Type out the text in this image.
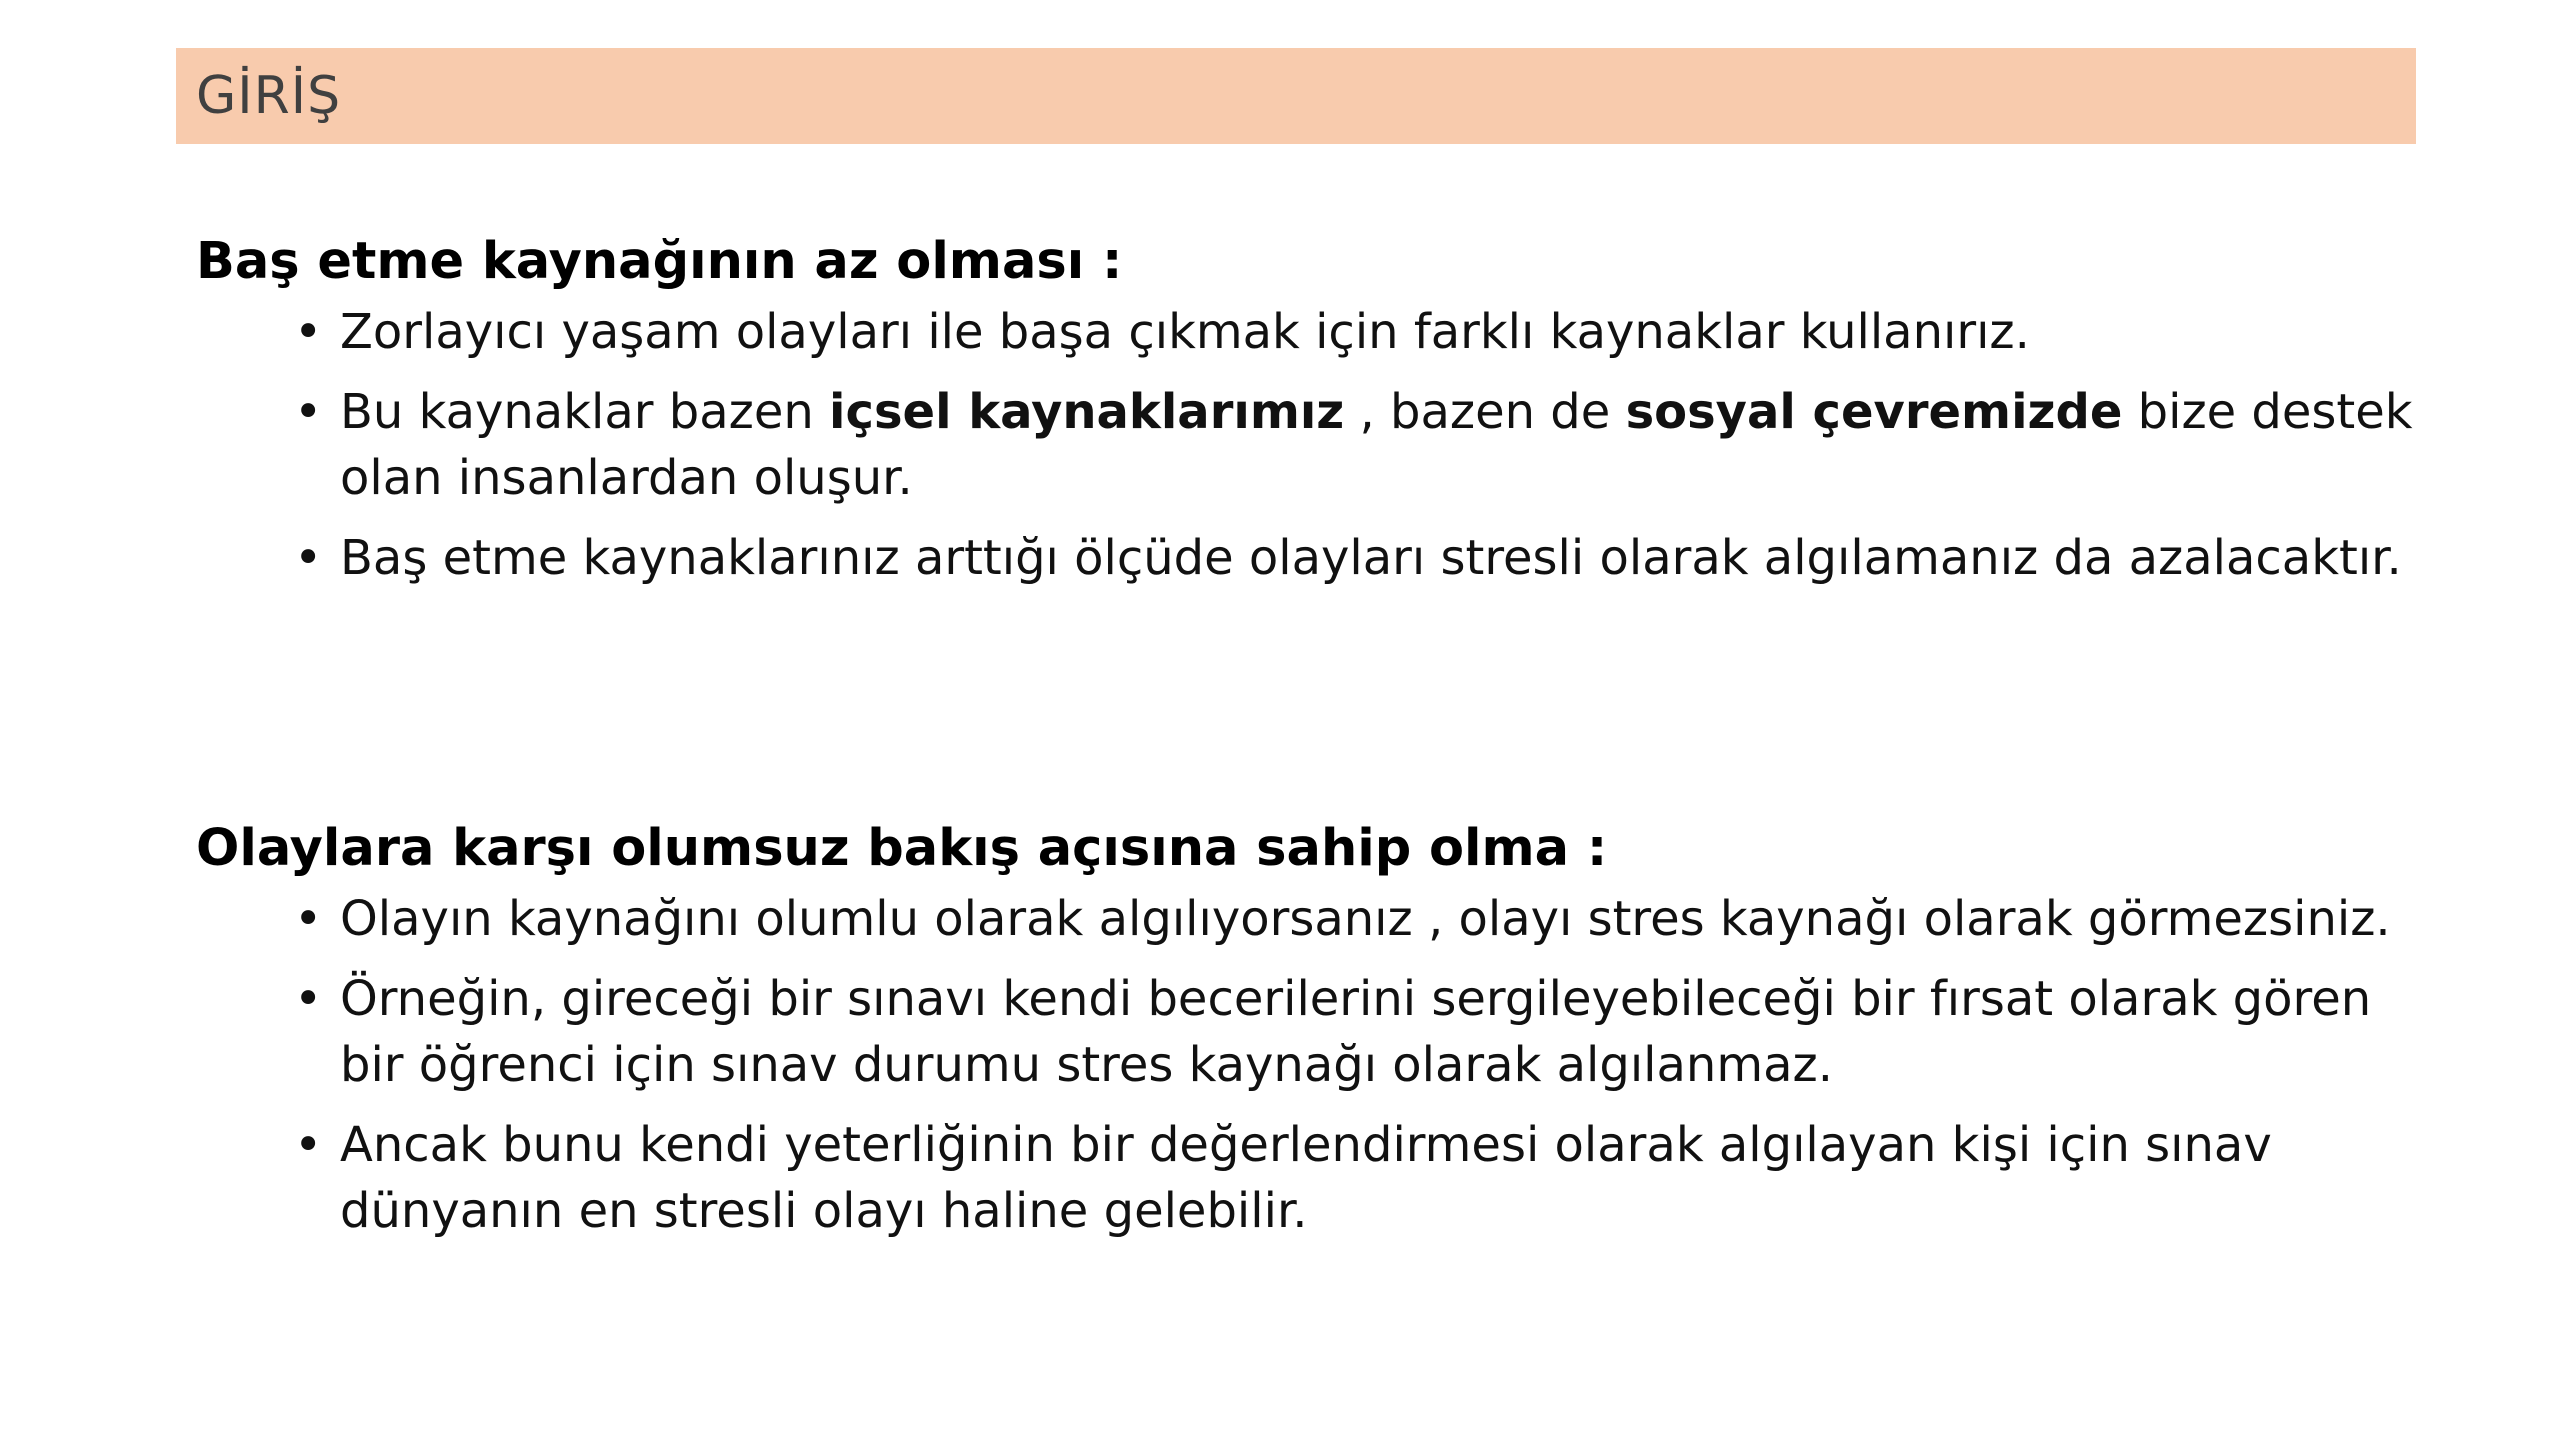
GİRİŞ
Baş etme kaynağının az olması :
• Zorlayıcı yaşam olayları ile başa çıkmak için farklı kaynaklar kullanırız.
• Bu kaynaklar bazen içsel kaynaklarımız , bazen de sosyal çevremizde bize destek olan insanlardan oluşur.
• Baş etme kaynaklarınız arttığı ölçüde olayları stresli olarak algılamanız da azalacaktır.
Olaylara karşı olumsuz bakış açısına sahip olma :
• Olayın kaynağını olumlu olarak algılıyorsanız , olayı stres kaynağı olarak görmezsiniz.
• Örneğin, gireceği bir sınavı kendi becerilerini sergileyebileceği bir fırsat olarak gören bir öğrenci için sınav durumu stres kaynağı olarak algılanmaz.
• Ancak bunu kendi yeterliğinin bir değerlendirmesi olarak algılayan kişi için sınav dünyanın en stresli olayı haline gelebilir.
